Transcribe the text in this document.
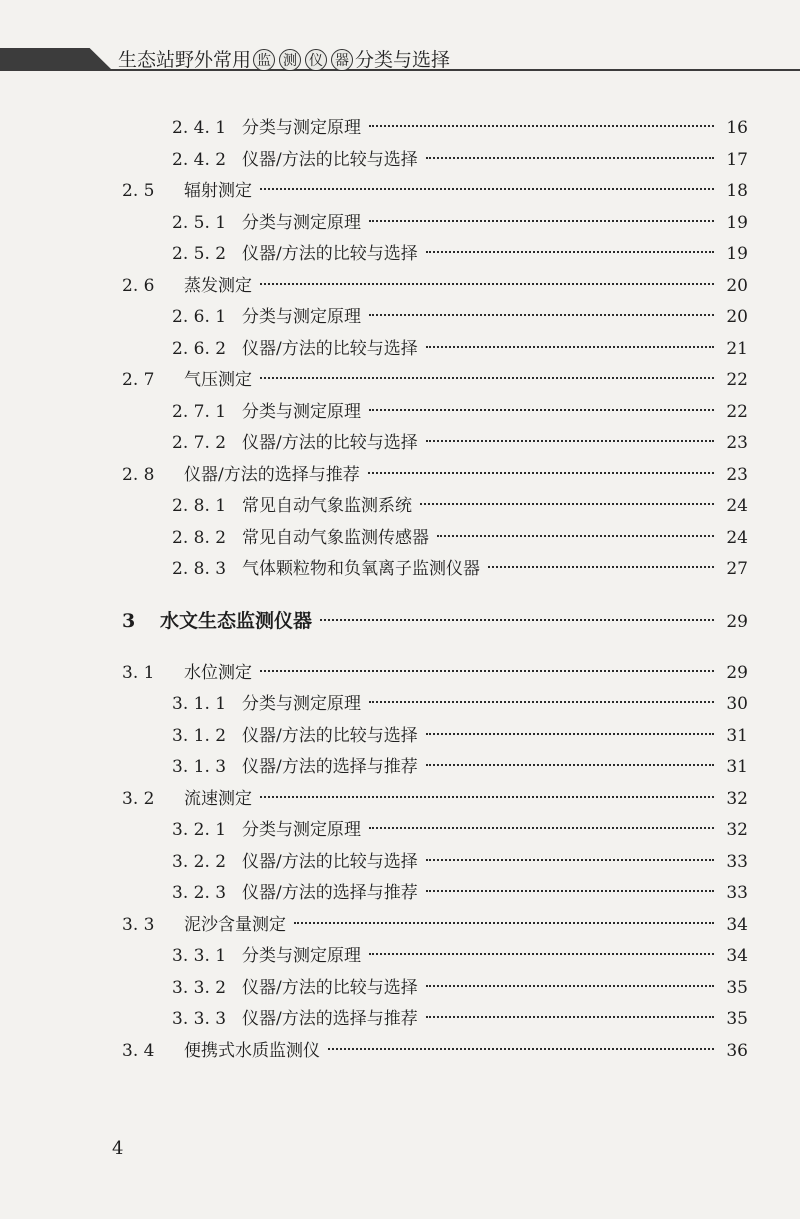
生态站野外常用 监 测 仪 器 分类与选择
2. 4. 1 分类与测定原理	16
2. 4. 2 仪器/方法的比较与选择	17
2. 5	辐射测定	18
2. 5. 1 分类与测定原理	19
2. 5. 2 仪器/方法的比较与选择	19
2. 6	蒸发测定	20
2. 6. 1 分类与测定原理	20
2. 6. 2 仪器/方法的比较与选择	21
2. 7	气压测定	22
2. 7. 1 分类与测定原理	22
2. 7. 2 仪器/方法的比较与选择	23
2. 8	仪器/方法的选择与推荐	23
2. 8. 1 常见自动气象监测系统	24
2. 8. 2 常见自动气象监测传感器	24
2. 8. 3 气体颗粒物和负氧离子监测仪器	27
3	水文生态监测仪器	29
3. 1	水位测定	29
3. 1. 1 分类与测定原理	30
3. 1. 2 仪器/方法的比较与选择	31
3. 1. 3 仪器/方法的选择与推荐	31
3. 2	流速测定	32
3. 2. 1 分类与测定原理	32
3. 2. 2 仪器/方法的比较与选择	33
3. 2. 3 仪器/方法的选择与推荐	33
3. 3	泥沙含量测定	34
3. 3. 1 分类与测定原理	34
3. 3. 2 仪器/方法的比较与选择	35
3. 3. 3 仪器/方法的选择与推荐	35
3. 4	便携式水质监测仪	36
4
